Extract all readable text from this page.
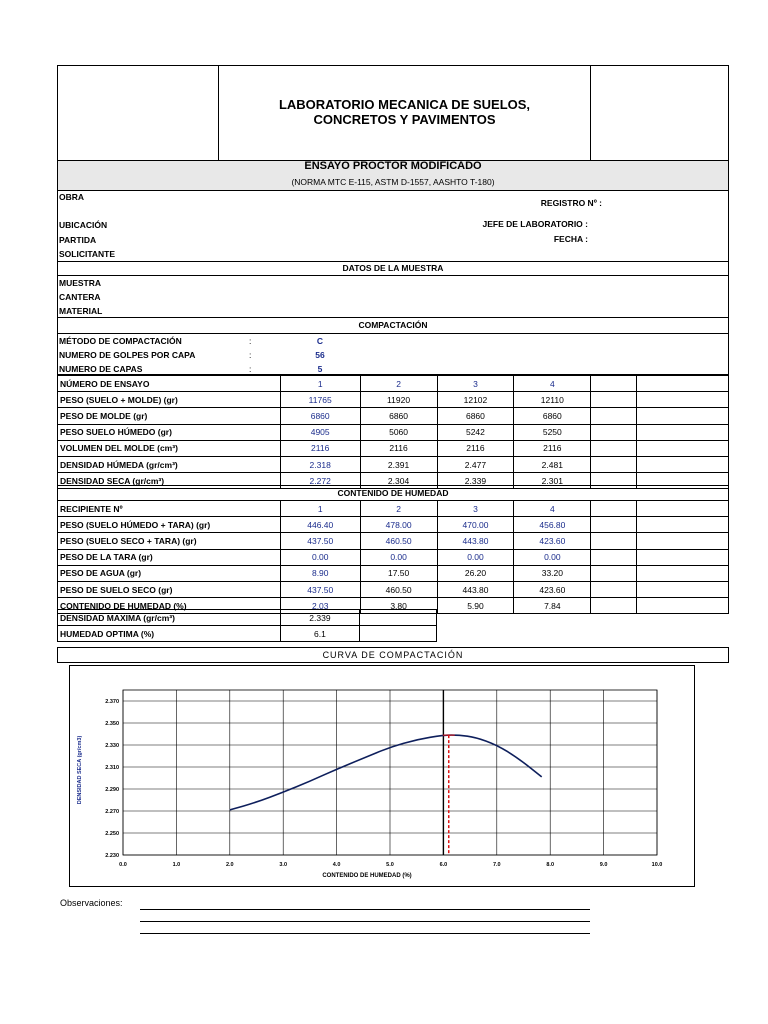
LABORATORIO MECANICA DE SUELOS,
CONCRETOS Y PAVIMENTOS
ENSAYO PROCTOR MODIFICADO
(NORMA MTC E-115, ASTM D-1557, AASHTO T-180)
OBRA
REGISTRO Nº :
UBICACIÓN	JEFE DE LABORATORIO :
PARTIDA	FECHA :
SOLICITANTE
DATOS DE LA MUESTRA
MUESTRA
CANTERA
MATERIAL
COMPACTACIÓN
MÉTODO DE COMPACTACIÓN	:	C
NUMERO DE GOLPES POR CAPA	:	56
NUMERO DE CAPAS	:	5
NÚMERO DE ENSAYO	1	2	3	4		
PESO (SUELO + MOLDE) (gr)	11765	11920	12102	12110		
PESO DE MOLDE (gr)	6860	6860	6860	6860		
PESO SUELO HÚMEDO (gr)	4905	5060	5242	5250		
VOLUMEN DEL MOLDE (cm³)	2116	2116	2116	2116		
DENSIDAD HÚMEDA (gr/cm³)	2.318	2.391	2.477	2.481		
DENSIDAD SECA (gr/cm³)	2.272	2.304	2.339	2.301		
CONTENIDO DE HUMEDAD
RECIPIENTE Nº	1	2	3	4		
PESO (SUELO HÚMEDO + TARA) (gr)	446.40	478.00	470.00	456.80		
PESO (SUELO SECO + TARA) (gr)	437.50	460.50	443.80	423.60		
PESO DE LA TARA (gr)	0.00	0.00	0.00	0.00		
PESO DE AGUA (gr)	8.90	17.50	26.20	33.20		
PESO DE SUELO SECO (gr)	437.50	460.50	443.80	423.60		
CONTENIDO DE HUMEDAD (%)	2.03	3.80	5.90	7.84		
DENSIDAD MAXIMA (gr/cm³)	2.339	
HUMEDAD OPTIMA (%)	6.1	
CURVA DE COMPACTACIÓN
0.0	1.0	2.0	3.0	4.0	5.0	6.0	7.0	8.0	9.0	10.0
2.230
2.250
2.270
2.290
2.310
2.330
2.350
2.370
CONTENIDO DE HUMEDAD (%)
DENSIDAD SECA (gr/cm3)
Observaciones:
